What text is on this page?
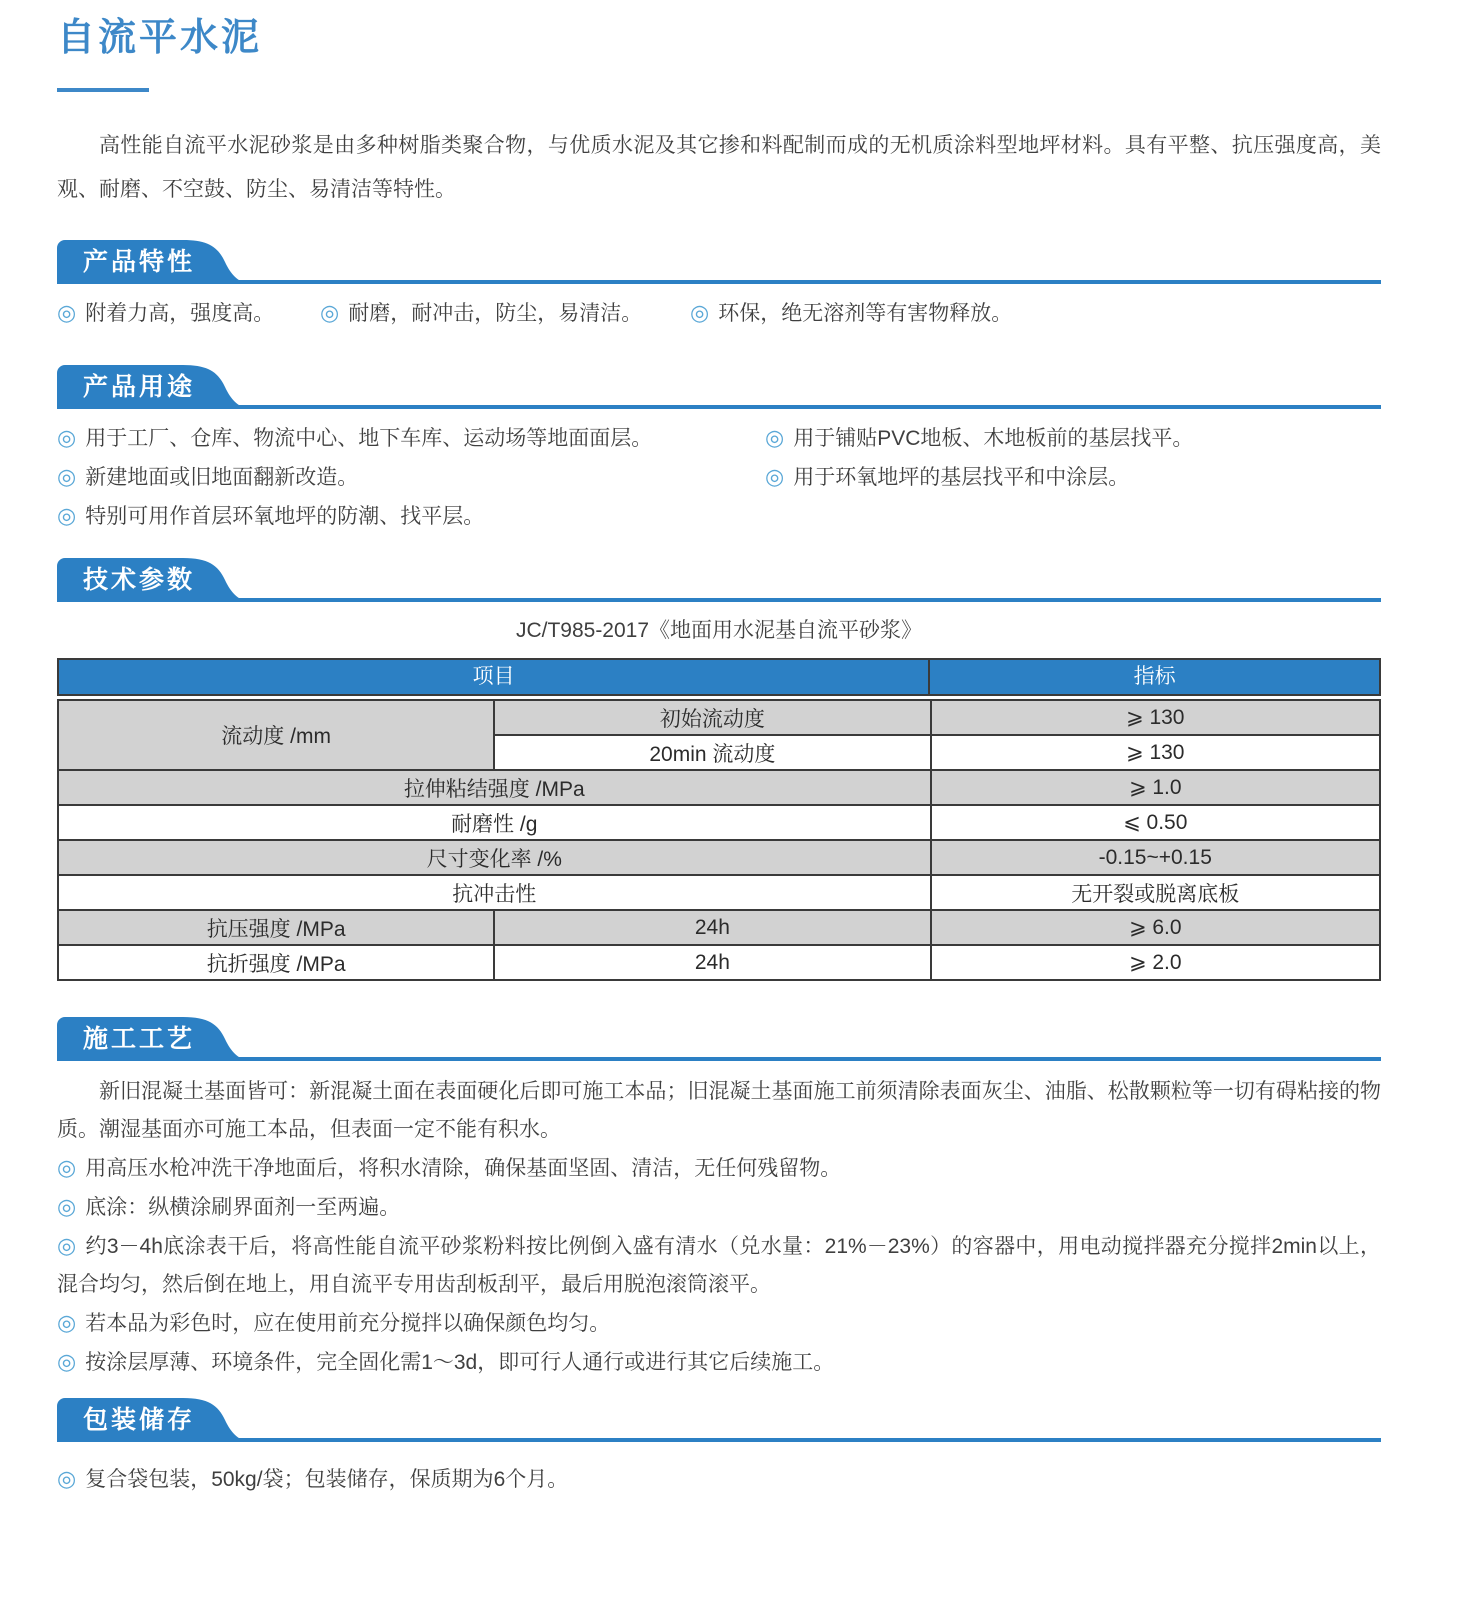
自流平水泥

高性能自流平水泥砂浆是由多种树脂类聚合物，与优质水泥及其它掺和料配制而成的无机质涂料型地坪材料。具有平整、抗压强度高，美观、耐磨、不空鼓、防尘、易清洁等特性。

产品特性

◎ 附着力高，强度高。	◎ 耐磨，耐冲击，防尘，易清洁。	◎ 环保，绝无溶剂等有害物释放。

产品用途

◎ 用于工厂、仓库、物流中心、地下车库、运动场等地面面层。

◎ 新建地面或旧地面翻新改造。

◎ 特别可用作首层环氧地坪的防潮、找平层。

◎ 用于铺贴PVC地板、木地板前的基层找平。

◎ 用于环氧地坪的基层找平和中涂层。

技术参数
JC/T985-2017《地面用水泥基自流平砂浆》
项目	指标
流动度 /mm	初始流动度	⩾ 130
	20min 流动度	⩾ 130
拉伸粘结强度 /MPa		⩾ 1.0
耐磨性 /g		⩽ 0.50
尺寸变化率 /%		-0.15~+0.15
抗冲击性		无开裂或脱离底板
抗压强度 /MPa	24h	⩾ 6.0
抗折强度 /MPa	24h	⩾ 2.0
施工工艺

新旧混凝土基面皆可：新混凝土面在表面硬化后即可施工本品；旧混凝土基面施工前须清除表面灰尘、油脂、松散颗粒等一切有碍粘接的物质。潮湿基面亦可施工本品，但表面一定不能有积水。

◎ 用高压水枪冲洗干净地面后，将积水清除，确保基面坚固、清洁，无任何残留物。

◎ 底涂：纵横涂刷界面剂一至两遍。

◎ 约3－4h底涂表干后，将高性能自流平砂浆粉料按比例倒入盛有清水（兑水量：21%－23%）的容器中，用电动搅拌器充分搅拌2min以上，混合均匀，然后倒在地上，用自流平专用齿刮板刮平，最后用脱泡滚筒滚平。

◎ 若本品为彩色时，应在使用前充分搅拌以确保颜色均匀。

◎ 按涂层厚薄、环境条件，完全固化需1～3d，即可行人通行或进行其它后续施工。

包装储存

◎ 复合袋包装，50kg/袋；包装储存，保质期为6个月。
